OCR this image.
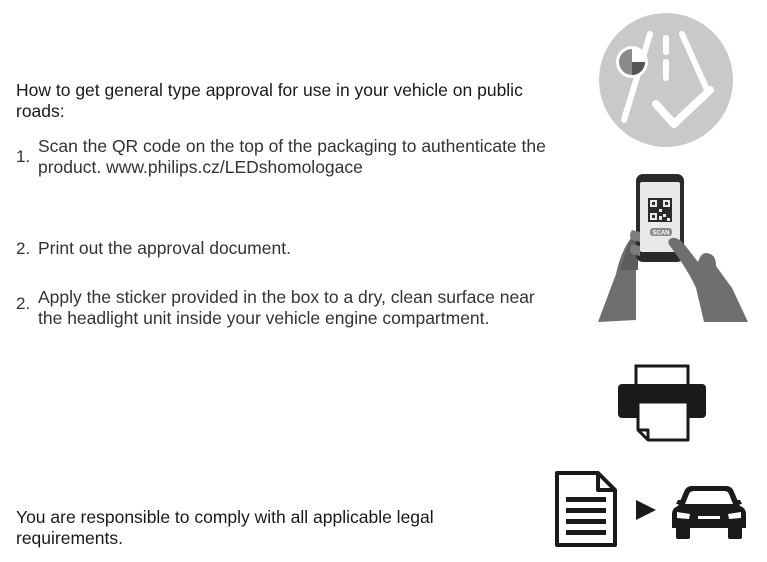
How to get general type approval for use in your vehicle on public roads:
1.
Scan the QR code on the top of the packaging to authenticate the product. www.philips.cz/LEDshomologace
2. Print out the approval document.
2. Apply the sticker provided in the box to a dry, clean surface near the headlight unit inside your vehicle engine compartment.
You are responsible to comply with all applicable legal requirements.
SCAN
